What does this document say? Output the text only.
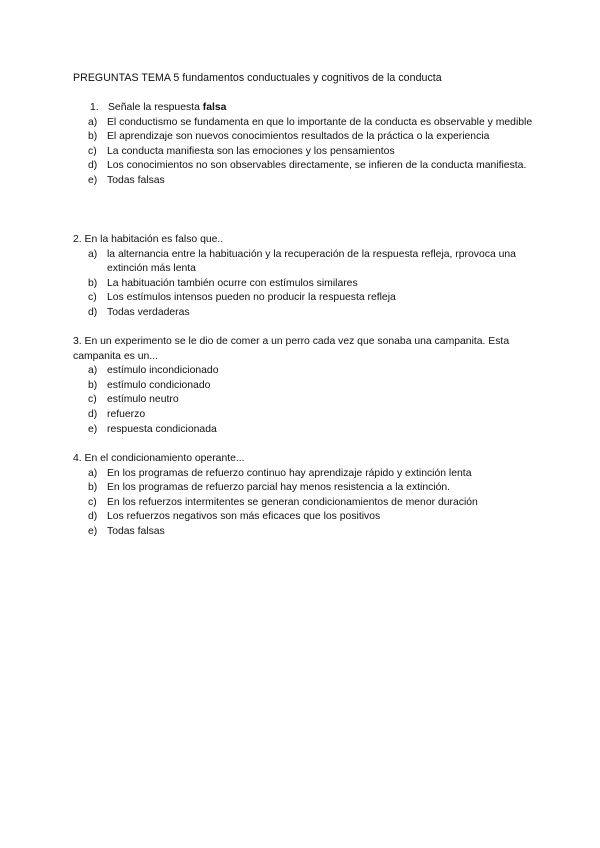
PREGUNTAS TEMA 5 fundamentos conductuales y cognitivos de la conducta

1. Señale la respuesta falsa

a) El conductismo se fundamenta en que lo importante de la conducta es observable y medible
b) El aprendizaje son nuevos conocimientos resultados de la práctica o la experiencia
c) La conducta manifiesta son las emociones y los pensamientos
d) Los conocimientos no son observables directamente, se infieren de la conducta manifiesta.
e) Todas falsas

2. En la habitación es falso que..

a) la alternancia entre la habituación y la recuperación de la respuesta refleja, rprovoca una extinción más lenta
b) La habituación también ocurre con estímulos similares
c) Los estímulos intensos pueden no producir la respuesta refleja
d) Todas verdaderas

3. En un experimento se le dio de comer a un perro cada vez que sonaba una campanita. Esta campanita es un...

a) estímulo incondicionado
b) estímulo condicionado
c) estímulo neutro
d) refuerzo
e) respuesta condicionada

4. En el condicionamiento operante...

a) En los programas de refuerzo continuo hay aprendizaje rápido y extinción lenta
b) En los programas de refuerzo parcial hay menos resistencia a la extinción.
c) En los refuerzos intermitentes se generan condicionamientos de menor duración
d) Los refuerzos negativos son más eficaces que los positivos
e) Todas falsas
